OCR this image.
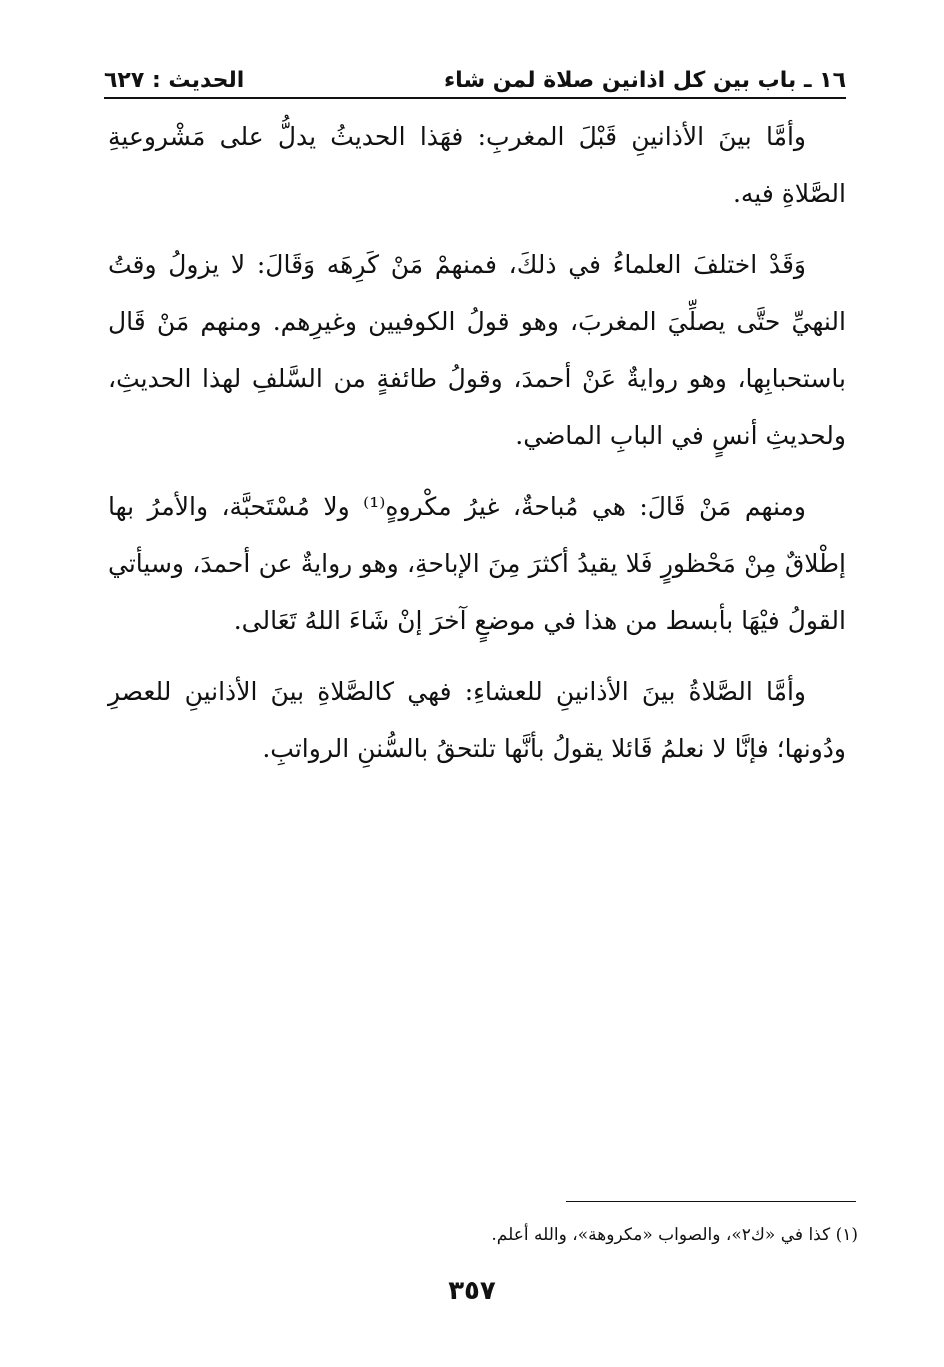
١٦ ـ باب بين كل اذانين صلاة لمن شاء
الحديث : ٦٢٧

وأمَّا بينَ الأذانينِ قَبْلَ المغربِ: فهَذا الحديثُ يدلُّ على مَشْروعيةِ الصَّلاةِ فيه.

وَقَدْ اختلفَ العلماءُ في ذلكَ، فمنهمْ مَنْ كَرِهَه وَقَالَ: لا يزولُ وقتُ النهيِّ حتَّى يصلِّيَ المغربَ، وهو قولُ الكوفيين وغيرِهم. ومنهم مَنْ قَال باستحبابِها، وهو روايةٌ عَنْ أحمدَ، وقولُ طائفةٍ من السَّلفِ لهذا الحديثِ، ولحديثِ أنسٍ في البابِ الماضي.

ومنهم مَنْ قَالَ: هي مُباحةٌ، غيرُ مكْروهٍ⁽¹⁾ ولا مُسْتَحبَّة، والأمرُ بها إطْلاقٌ مِنْ مَحْظورٍ فَلا يقيدُ أكثرَ مِنَ الإباحةِ، وهو روايةٌ عن أحمدَ، وسيأتي القولُ فيْهَا بأبسط من هذا في موضعٍ آخرَ إنْ شَاءَ اللهُ تَعَالى.

وأمَّا الصَّلاةُ بينَ الأذانينِ للعشاءِ: فهي كالصَّلاةِ بينَ الأذانينِ للعصرِ ودُونها؛ فإنَّا لا نعلمُ قَائلا يقولُ بأنَّها تلتحقُ بالسُّننِ الرواتبِ.

(١) كذا في «ك٢»، والصواب «مكروهة»، والله أعلم.
٣٥٧
